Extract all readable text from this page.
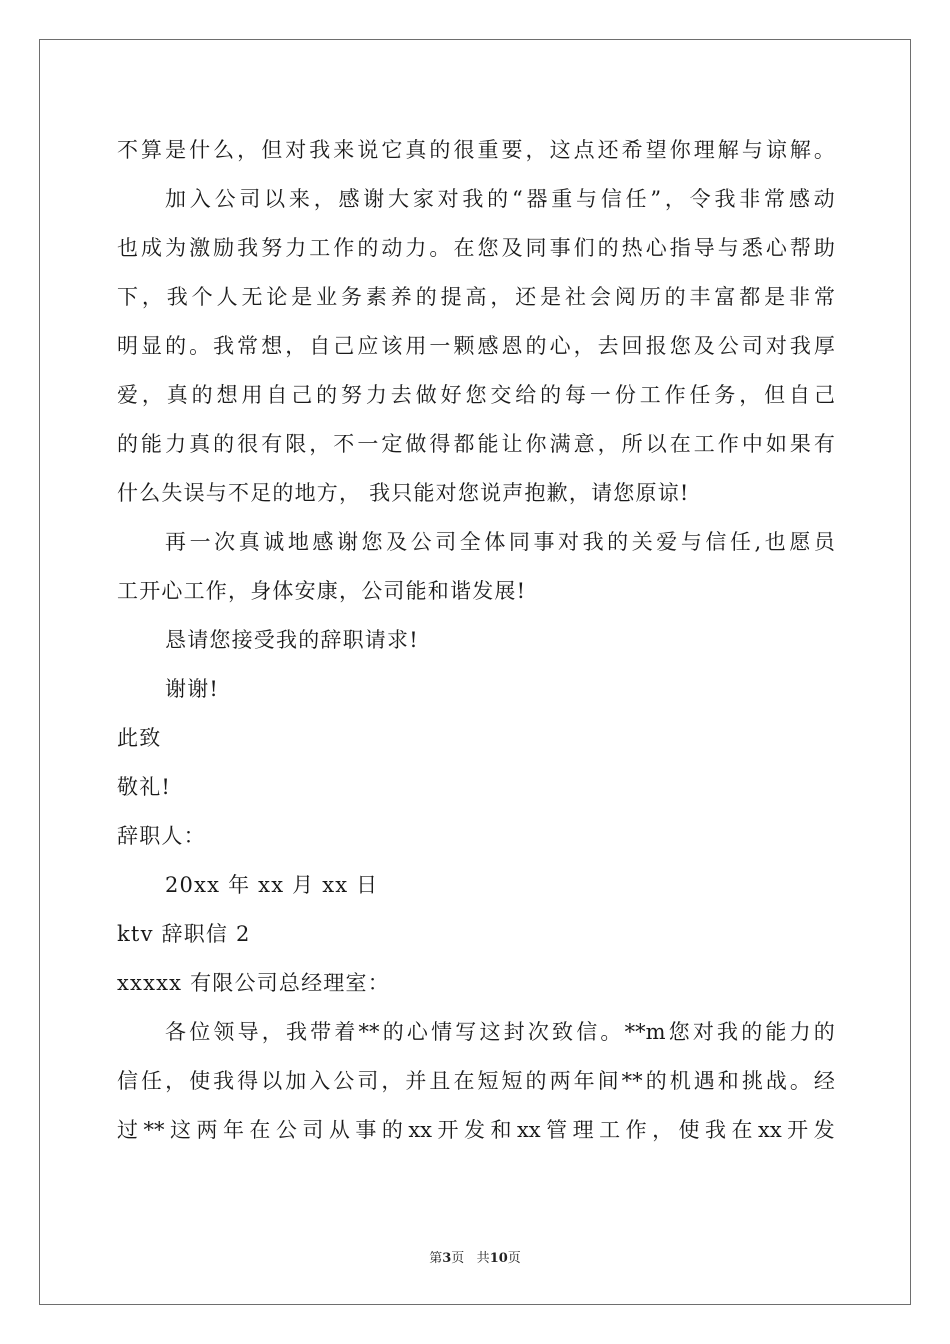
不 算 是 什 么 ， 但 对 我 来 说 它 真 的 很 重 要 ， 这 点 还 希 望 你 理 解 与 谅 解 。
加 入 公 司 以 来 ， 感 谢 大 家 对 我 的 “ 器 重 与 信 任 ” ， 令 我 非 常 感 动
也 成 为 激 励 我 努 力 工 作 的 动 力 。 在 您 及 同 事 们 的 热 心 指 导 与 悉 心 帮 助
下 ， 我 个 人 无 论 是 业 务 素 养 的 提 高 ， 还 是 社 会 阅 历 的 丰 富 都 是 非 常
明 显 的 。 我 常 想 ， 自 己 应 该 用 一 颗 感 恩 的 心 ， 去 回 报 您 及 公 司 对 我 厚
爱 ， 真 的 想 用 自 己 的 努 力 去 做 好 您 交 给 的 每 一 份 工 作 任 务 ， 但 自 己
的 能 力 真 的 很 有 限 ， 不 一 定 做 得 都 能 让 你 满 意 ， 所 以 在 工 作 中 如 果 有
什么失误与不足的地方， 我只能对您说声抱歉，请您原谅!
再 一 次 真 诚 地 感 谢 您 及 公 司 全 体 同 事 对 我 的 关 爱 与 信 任 , 也 愿 员
工开心工作，身体安康，公司能和谐发展!
恳请您接受我的辞职请求!
谢谢!
此致
敬礼!
辞职人：
20xx 年 xx 月 xx 日
ktv 辞职信 2
xxxxx 有限公司总经理室：
各 位 领 导 ， 我 带 着 ** 的 心 情 写 这 封 次 致 信 。 **m 您 对 我 的 能 力 的
信 任 ， 使 我 得 以 加 入 公 司 ， 并 且 在 短 短 的 两 年 间 ** 的 机 遇 和 挑 战 。 经
过 ** 这 两 年 在 公 司 从 事 的 xx 开 发 和 xx 管 理 工 作 ， 使 我 在 xx 开 发
第3页 共10页
